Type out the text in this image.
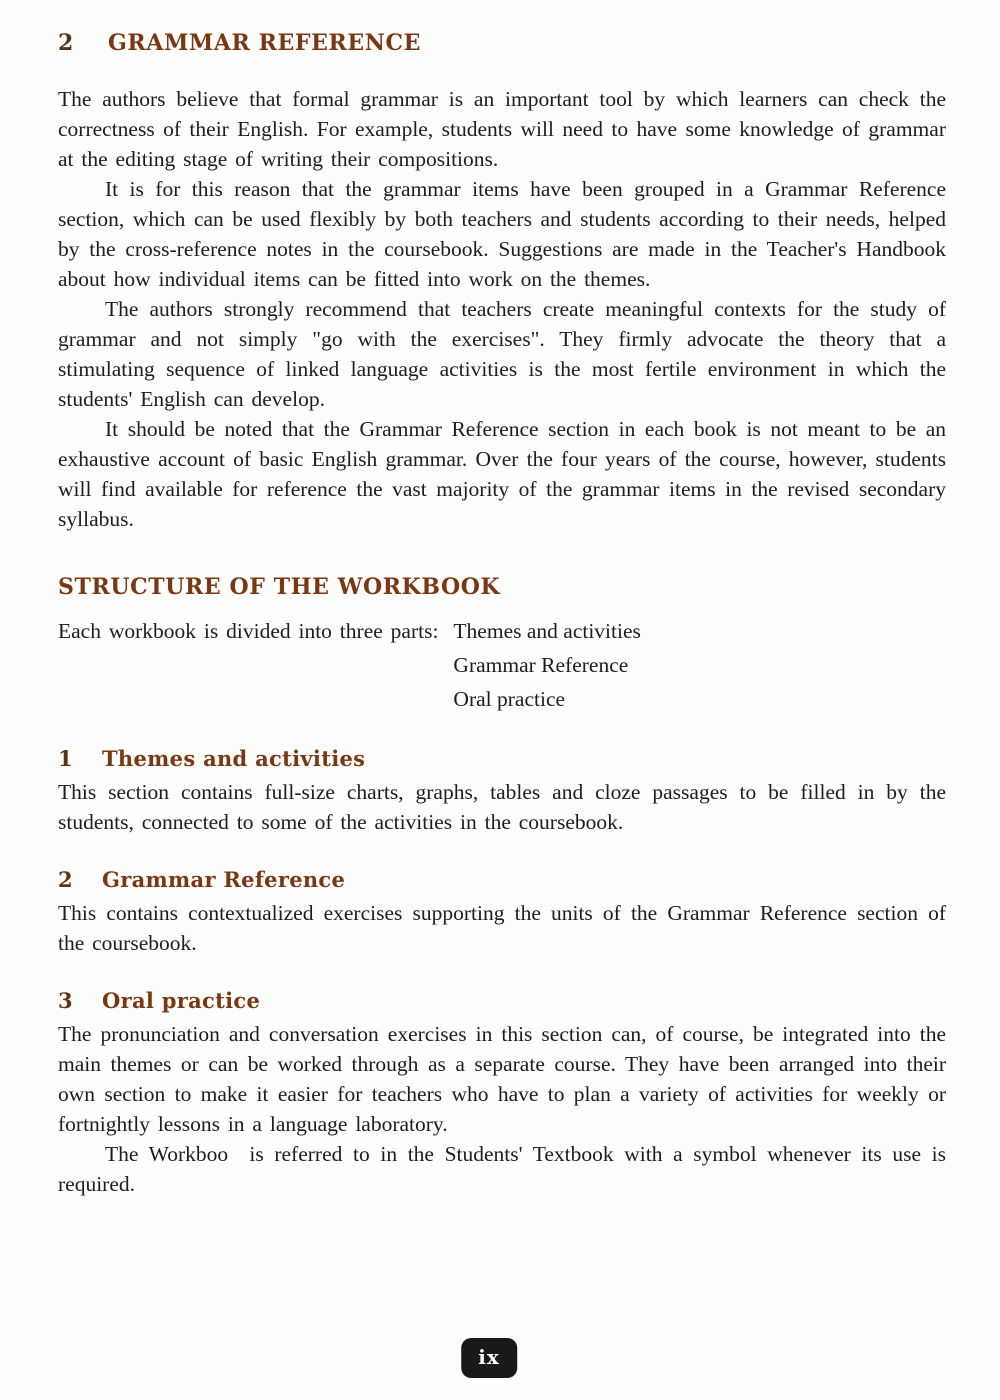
2	GRAMMAR REFERENCE

The authors believe that formal grammar is an important tool by which learners can check the correctness of their English. For example, students will need to have some knowledge of grammar at the editing stage of writing their compositions.

It is for this reason that the grammar items have been grouped in a Grammar Reference section, which can be used flexibly by both teachers and students according to their needs, helped by the cross-reference notes in the coursebook. Suggestions are made in the Teacher's Handbook about how individual items can be fitted into work on the themes.

The authors strongly recommend that teachers create meaningful contexts for the study of grammar and not simply "go with the exercises". They firmly advocate the theory that a stimulating sequence of linked language activities is the most fertile environment in which the students' English can develop.

It should be noted that the Grammar Reference section in each book is not meant to be an exhaustive account of basic English grammar. Over the four years of the course, however, students will find available for reference the vast majority of the grammar items in the revised secondary syllabus.

STRUCTURE OF THE WORKBOOK
Each workbook is divided into three parts: Themes and activities
Grammar Reference
Oral practice
1	Themes and activities

This section contains full-size charts, graphs, tables and cloze passages to be filled in by the students, connected to some of the activities in the coursebook.

2	Grammar Reference

This contains contextualized exercises supporting the units of the Grammar Reference section of the coursebook.

3	Oral practice

The pronunciation and conversation exercises in this section can, of course, be integrated into the main themes or can be worked through as a separate course. They have been arranged into their own section to make it easier for teachers who have to plan a variety of activities for weekly or fortnightly lessons in a language laboratory.

The Workboo  is referred to in the Students' Textbook with a symbol whenever its use is required.

ix
